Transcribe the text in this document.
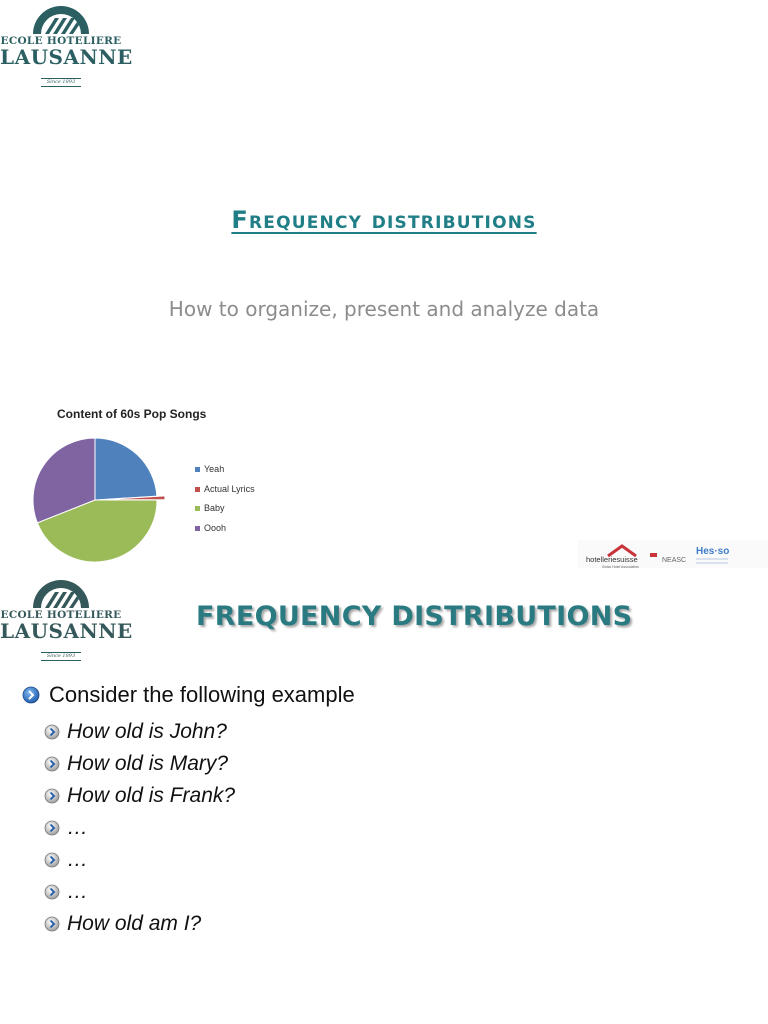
ECOLE HOTELIERE
LAUSANNE
Since 1893
Frequency distributions
How to organize, present and analyze data
Content of 60s Pop Songs
Yeah
Actual Lyrics
Baby
Oooh
hotelleriesuisse
Swiss Hotel Association
NEASC
Hes·so
ECOLE HOTELIERE
LAUSANNE
Since 1893
FREQUENCY DISTRIBUTIONS
Consider the following example
How old is John?
How old is Mary?
How old is Frank?
…
…
…
How old am I?
